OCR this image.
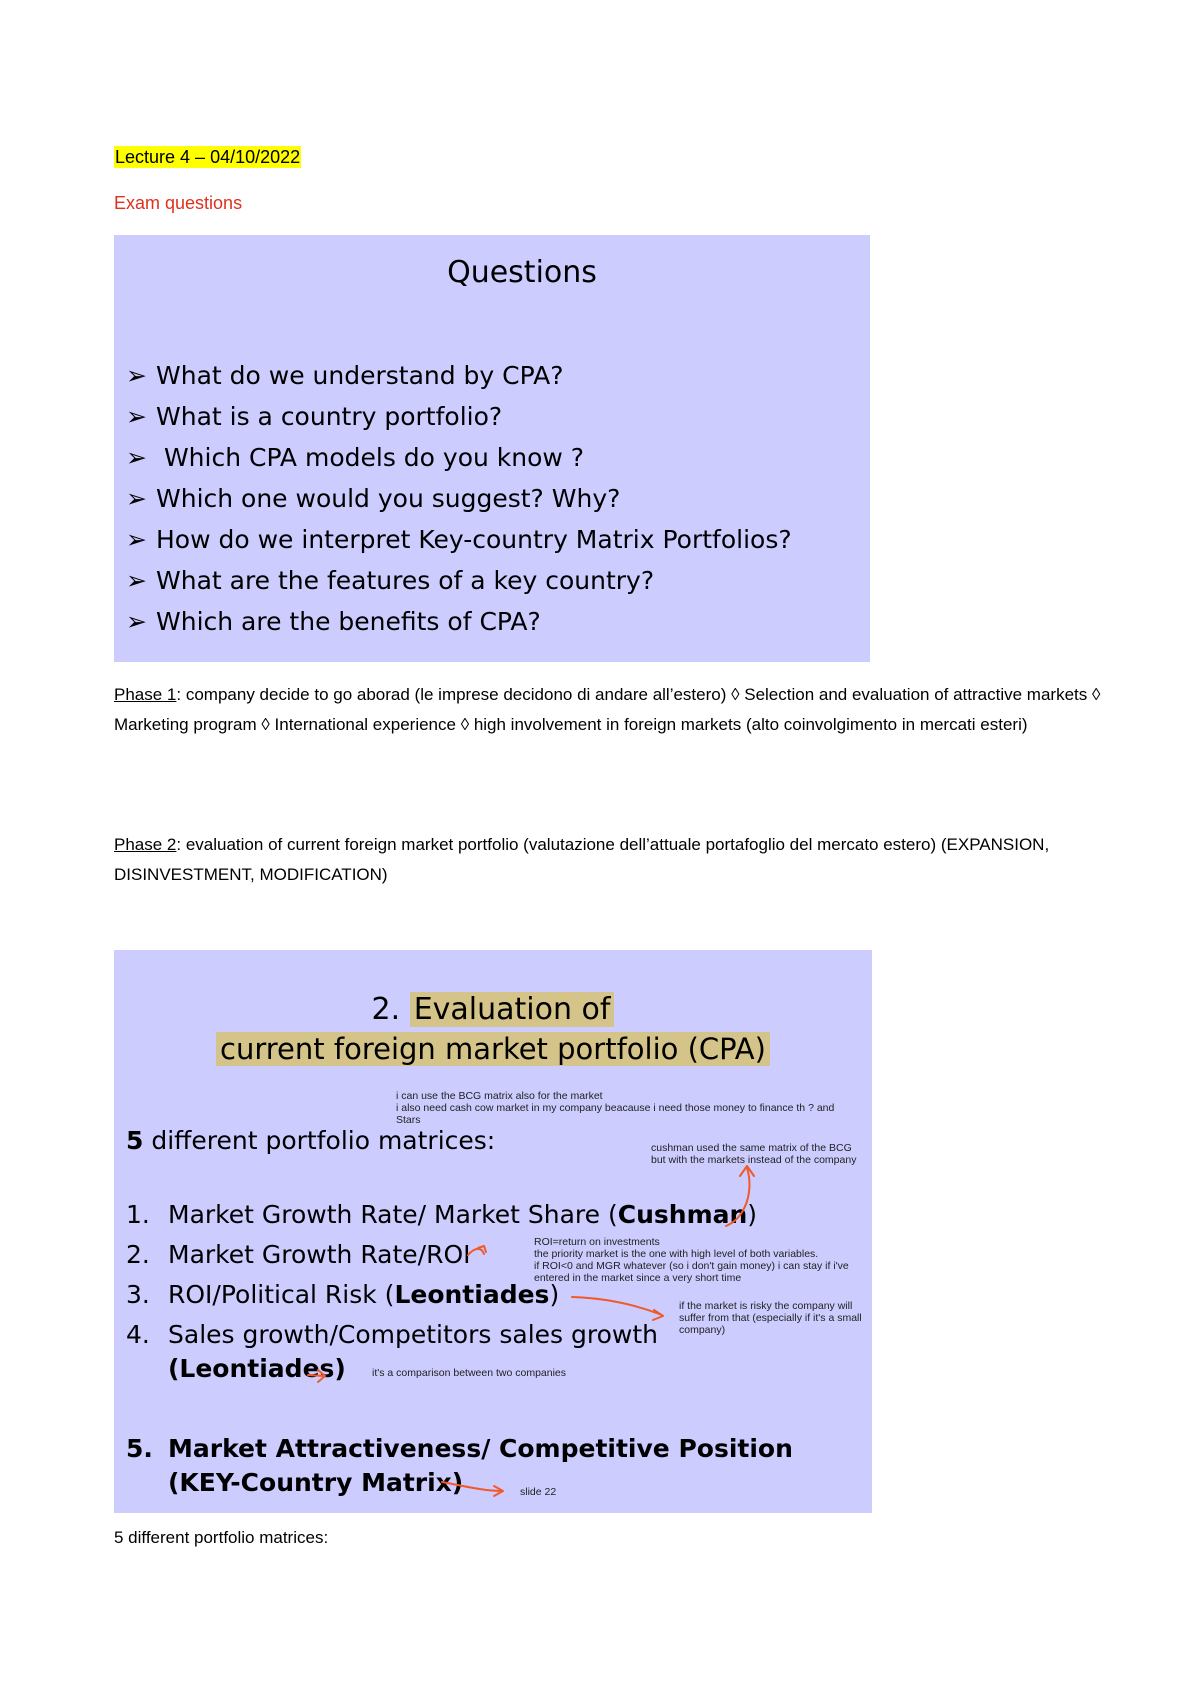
Lecture 4 – 04/10/2022
Exam questions
Questions
➢ What do we understand by CPA?
➢ What is a country portfolio?
➢ Which CPA models do you know ?
➢ Which one would you suggest? Why?
➢ How do we interpret Key-country Matrix Portfolios?
➢ What are the features of a key country?
➢ Which are the benefits of CPA?
Phase 1: company decide to go aborad (le imprese decidono di andare all’estero) ◊ Selection and evaluation of attractive markets ◊ Marketing program ◊ International experience ◊ high involvement in foreign markets (alto coinvolgimento in mercati esteri)
Phase 2: evaluation of current foreign market portfolio (valutazione dell’attuale portafoglio del mercato estero) (EXPANSION, DISINVESTMENT, MODIFICATION)
2. Evaluation of
current foreign market portfolio (CPA)
i can use the BCG matrix also for the market
i also need cash cow market in my company beacause i need those money to finance th ? and Stars
5 different portfolio matrices:	cushman used the same matrix of the BCG but with the markets instead of the company
1. Market Growth Rate/ Market Share (Cushman)
2. Market Growth Rate/ROI	ROI=return on investments
the priority market is the one with high level of both variables.
if ROI<0 and MGR whatever (so i don't gain money) i can stay if i've entered in the market since a very short time
3. ROI/Political Risk (Leontiades)	if the market is risky the company will suffer from that (especially if it's a small company)
4. Sales growth/Competitors sales growth
(Leontiades) it's a comparison between two companies
5. Market Attractiveness/ Competitive Position
(KEY-Country Matrix)	slide 22
5 different portfolio matrices:
